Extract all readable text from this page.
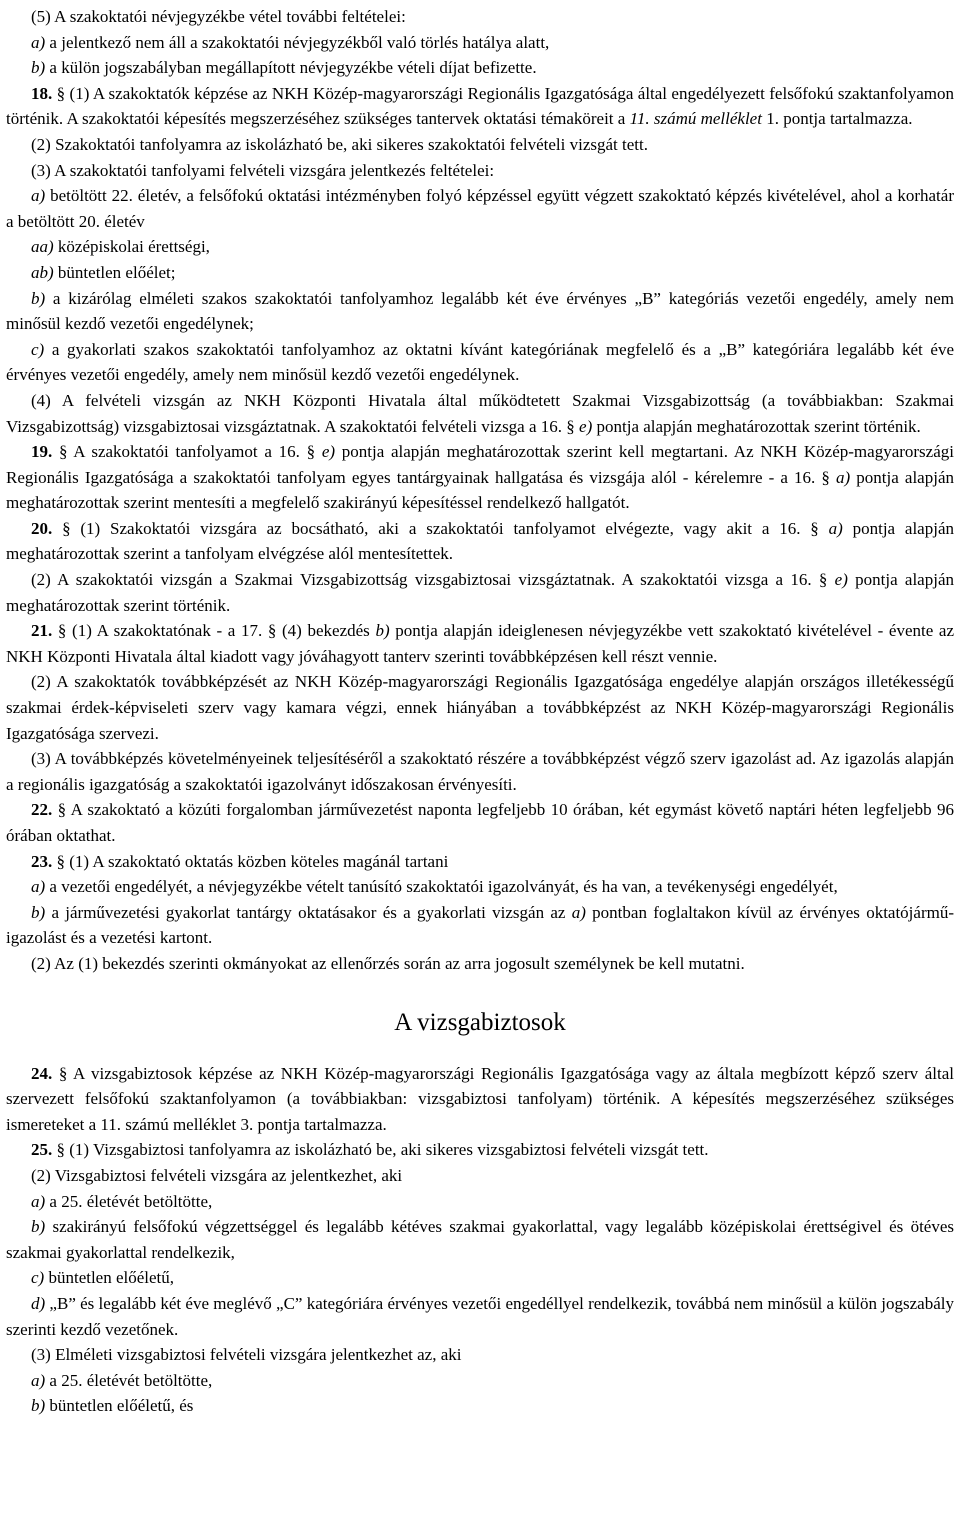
(5) A szakoktatói névjegyzékbe vétel további feltételei:

a) a jelentkező nem áll a szakoktatói névjegyzékből való törlés hatálya alatt,

b) a külön jogszabályban megállapított névjegyzékbe vételi díjat befizette.

18. § (1) A szakoktatók képzése az NKH Közép-magyarországi Regionális Igazgatósága által engedélyezett felsőfokú szaktanfolyamon történik. A szakoktatói képesítés megszerzéséhez szükséges tantervek oktatási témaköreit a 11. számú melléklet 1. pontja tartalmazza.

(2) Szakoktatói tanfolyamra az iskolázható be, aki sikeres szakoktatói felvételi vizsgát tett.

(3) A szakoktatói tanfolyami felvételi vizsgára jelentkezés feltételei:

a) betöltött 22. életév, a felsőfokú oktatási intézményben folyó képzéssel együtt végzett szakoktató képzés kivételével, ahol a korhatár a betöltött 20. életév

aa) középiskolai érettségi,

ab) büntetlen előélet;

b) a kizárólag elméleti szakos szakoktatói tanfolyamhoz legalább két éve érvényes „B” kategóriás vezetői engedély, amely nem minősül kezdő vezetői engedélynek;

c) a gyakorlati szakos szakoktatói tanfolyamhoz az oktatni kívánt kategóriának megfelelő és a „B” kategóriára legalább két éve érvényes vezetői engedély, amely nem minősül kezdő vezetői engedélynek.

(4) A felvételi vizsgán az NKH Központi Hivatala által működtetett Szakmai Vizsgabizottság (a továbbiakban: Szakmai Vizsgabizottság) vizsgabiztosai vizsgáztatnak. A szakoktatói felvételi vizsga a 16. § e) pontja alapján meghatározottak szerint történik.

19. § A szakoktatói tanfolyamot a 16. § e) pontja alapján meghatározottak szerint kell megtartani. Az NKH Közép-magyarországi Regionális Igazgatósága a szakoktatói tanfolyam egyes tantárgyainak hallgatása és vizsgája alól - kérelemre - a 16. § a) pontja alapján meghatározottak szerint mentesíti a megfelelő szakirányú képesítéssel rendelkező hallgatót.

20. § (1) Szakoktatói vizsgára az bocsátható, aki a szakoktatói tanfolyamot elvégezte, vagy akit a 16. § a) pontja alapján meghatározottak szerint a tanfolyam elvégzése alól mentesítettek.

(2) A szakoktatói vizsgán a Szakmai Vizsgabizottság vizsgabiztosai vizsgáztatnak. A szakoktatói vizsga a 16. § e) pontja alapján meghatározottak szerint történik.

21. § (1) A szakoktatónak - a 17. § (4) bekezdés b) pontja alapján ideiglenesen névjegyzékbe vett szakoktató kivételével - évente az NKH Központi Hivatala által kiadott vagy jóváhagyott tanterv szerinti továbbképzésen kell részt vennie.

(2) A szakoktatók továbbképzését az NKH Közép-magyarországi Regionális Igazgatósága engedélye alapján országos illetékességű szakmai érdek-képviseleti szerv vagy kamara végzi, ennek hiányában a továbbképzést az NKH Közép-magyarországi Regionális Igazgatósága szervezi.

(3) A továbbképzés követelményeinek teljesítéséről a szakoktató részére a továbbképzést végző szerv igazolást ad. Az igazolás alapján a regionális igazgatóság a szakoktatói igazolványt időszakosan érvényesíti.

22. § A szakoktató a közúti forgalomban járművezetést naponta legfeljebb 10 órában, két egymást követő naptári héten legfeljebb 96 órában oktathat.

23. § (1) A szakoktató oktatás közben köteles magánál tartani

a) a vezetői engedélyét, a névjegyzékbe vételt tanúsító szakoktatói igazolványát, és ha van, a tevékenységi engedélyét,

b) a járművezetési gyakorlat tantárgy oktatásakor és a gyakorlati vizsgán az a) pontban foglaltakon kívül az érvényes oktatójármű-igazolást és a vezetési kartont.

(2) Az (1) bekezdés szerinti okmányokat az ellenőrzés során az arra jogosult személynek be kell mutatni.

A vizsgabiztosok

24. § A vizsgabiztosok képzése az NKH Közép-magyarországi Regionális Igazgatósága vagy az általa megbízott képző szerv által szervezett felsőfokú szaktanfolyamon (a továbbiakban: vizsgabiztosi tanfolyam) történik. A képesítés megszerzéséhez szükséges ismereteket a 11. számú melléklet 3. pontja tartalmazza.

25. § (1) Vizsgabiztosi tanfolyamra az iskolázható be, aki sikeres vizsgabiztosi felvételi vizsgát tett.

(2) Vizsgabiztosi felvételi vizsgára az jelentkezhet, aki

a) a 25. életévét betöltötte,

b) szakirányú felsőfokú végzettséggel és legalább kétéves szakmai gyakorlattal, vagy legalább középiskolai érettségivel és ötéves szakmai gyakorlattal rendelkezik,

c) büntetlen előéletű,

d) „B” és legalább két éve meglévő „C” kategóriára érvényes vezetői engedéllyel rendelkezik, továbbá nem minősül a külön jogszabály szerinti kezdő vezetőnek.

(3) Elméleti vizsgabiztosi felvételi vizsgára jelentkezhet az, aki

a) a 25. életévét betöltötte,

b) büntetlen előéletű, és
